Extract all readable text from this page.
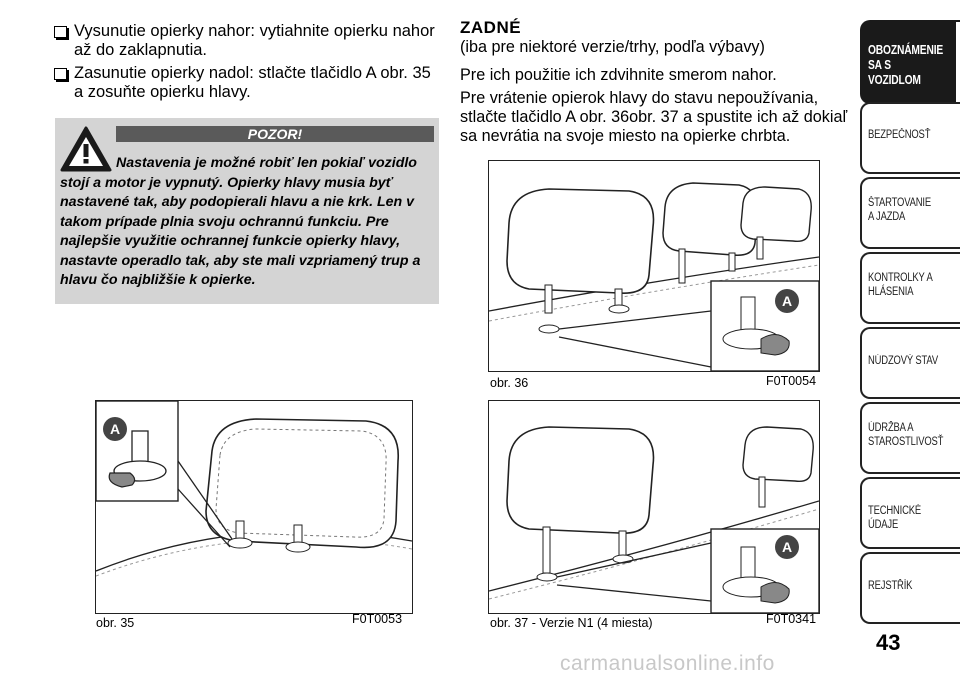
Vysunutie opierky nahor: vytiahnite opierku nahor až do zaklapnutia.
Zasunutie opierky nadol: stlačte tlačidlo A obr. 35 a zosuňte opierku hlavy.
POZOR!
Nastavenia je možné robiť len pokiaľ vozidlo stojí a motor je vypnutý. Opierky hlavy musia byť nastavené tak, aby podopierali hlavu a nie krk. Len v takom prípade plnia svoju ochrannú funkciu. Pre najlepšie využitie ochrannej funkcie opierky hlavy, nastavte operadlo tak, aby ste mali vzpriamený trup a hlavu čo najbližšie k opierke.
A
obr. 35	F0T0053
ZADNÉ
(iba pre niektoré verzie/trhy, podľa výbavy)
Pre ich použitie ich zdvihnite smerom nahor.
Pre vrátenie opierok hlavy do stavu nepoužívania, stlačte tlačidlo A obr. 36obr. 37 a spustite ich až dokiaľ sa nevrátia na svoje miesto na opierke chrbta.
A
obr. 36	F0T0054
A
obr. 37 - Verzie N1 (4 miesta)	F0T0341
OBOZNÁMENIE SA S VOZIDLOM
BEZPEČNOSŤ
ŠTARTOVANIE A JAZDA
KONTROLKY A HLÁSENIA
NÚDZOVÝ STAV
ÚDRŽBA A STAROSTLIVOSŤ
TECHNICKÉ ÚDAJE
REJSTŘÍK
43
carmanualsonline.info
